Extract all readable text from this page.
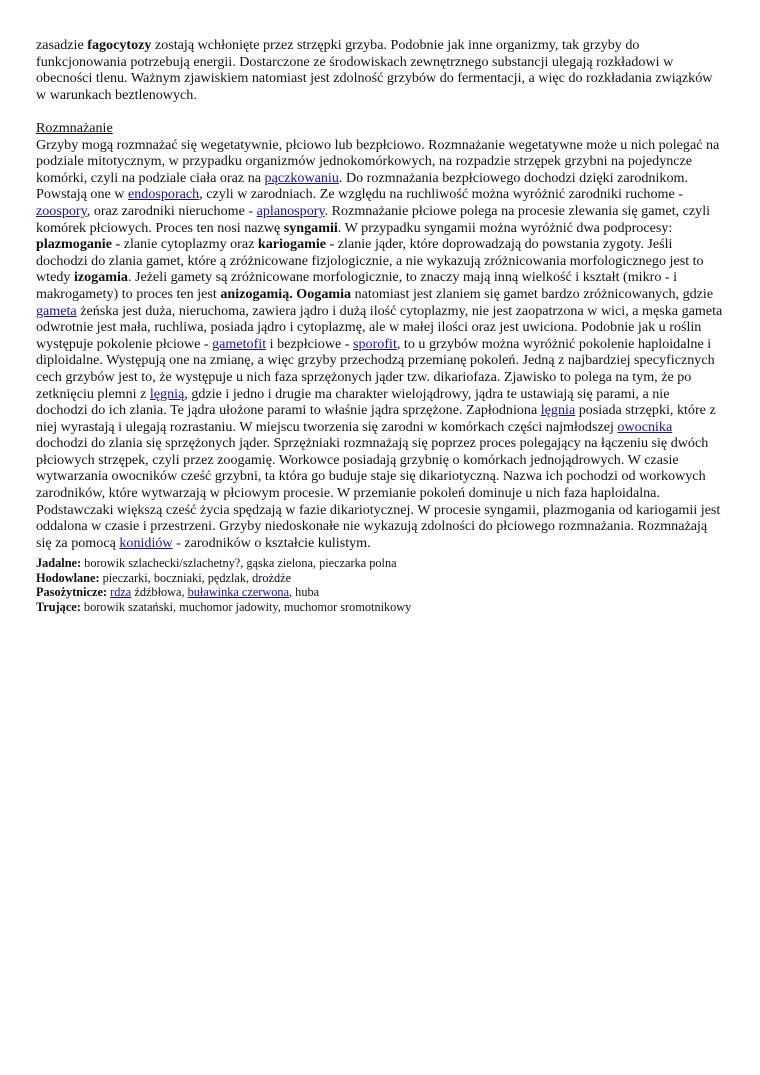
zasadzie fagocytozy zostają wchłonięte przez strzępki grzyba. Podobnie jak inne organizmy, tak grzyby do funkcjonowania potrzebują energii. Dostarczone ze środowiskach zewnętrznego substancji ulegają rozkładowi w obecności tlenu. Ważnym zjawiskiem natomiast jest zdolność grzybów do fermentacji, a więc do rozkładania związków w warunkach beztlenowych.
Rozmnażanie
Grzyby mogą rozmnażać się wegetatywnie, płciowo lub bezpłciowo. Rozmnażanie wegetatywne może u nich polegać na podziale mitotycznym, w przypadku organizmów jednokomórkowych, na rozpadzie strzępek grzybni na pojedyncze komórki, czyli na podziale ciała oraz na pączkowaniu. Do rozmnażania bezpłciowego dochodzi dzięki zarodnikom. Powstają one w endosporach, czyli w zarodniach. Ze względu na ruchliwość można wyróżnić zarodniki ruchome - zoospory, oraz zarodniki nieruchome - aplanospory. Rozmnażanie płciowe polega na procesie zlewania się gamet, czyli komórek płciowych. Proces ten nosi nazwę syngamii. W przypadku syngamii można wyróżnić dwa podprocesy: plazmoganie - zlanie cytoplazmy oraz kariogamie - zlanie jąder, które doprowadzają do powstania zygoty. Jeśli dochodzi do zlania gamet, które ą zróżnicowane fizjologicznie, a nie wykazują zróżnicowania morfologicznego jest to wtedy izogamia. Jeżeli gamety są zróżnicowane morfologicznie, to znaczy mają inną wielkość i kształt (mikro - i makrogamety) to proces ten jest anizogamią. Oogamia natomiast jest zlaniem się gamet bardzo zróżnicowanych, gdzie gameta żeńska jest duża, nieruchoma, zawiera jądro i dużą ilość cytoplazmy, nie jest zaopatrzona w wici, a męska gameta odwrotnie jest mała, ruchliwa, posiada jądro i cytoplazmę, ale w małej ilości oraz jest uwiciona. Podobnie jak u roślin występuje pokolenie płciowe - gametofit i bezpłciowe - sporofit, to u grzybów można wyróżnić pokolenie haploidalne i diploidalne. Występują one na zmianę, a więc grzyby przechodzą przemianę pokoleń. Jedną z najbardziej specyficznych cech grzybów jest to, że występuje u nich faza sprzężonych jąder tzw. dikariofaza. Zjawisko to polega na tym, że po zetknięciu plemni z lęgnią, gdzie i jedno i drugie ma charakter wielojądrowy, jądra te ustawiają się parami, a nie dochodzi do ich zlania. Te jądra ułożone parami to właśnie jądra sprzężone. Zapłodniona lęgnia posiada strzępki, które z niej wyrastają i ulegają rozrastaniu. W miejscu tworzenia się zarodni w komórkach części najmłodszej owocnika dochodzi do zlania się sprzężonych jąder. Sprzężniaki rozmnażają się poprzez proces polegający na łączeniu się dwóch płciowych strzępek, czyli przez zoogamię. Workowce posiadają grzybnię o komórkach jednojądrowych. W czasie wytwarzania owocników cześć grzybni, ta która go buduje staje się dikariotyczną. Nazwa ich pochodzi od workowych zarodników, które wytwarzają w płciowym procesie. W przemianie pokoleń dominuje u nich faza haploidalna. Podstawczaki większą cześć życia spędzają w fazie dikariotycznej. W procesie syngamii, plazmogania od kariogamii jest oddalona w czasie i przestrzeni. Grzyby niedoskonałe nie wykazują zdolności do płciowego rozmnażania. Rozmnażają się za pomocą konidiów - zarodników o kształcie kulistym.
Jadalne: borowik szlachecki/szlachetny?, gąska zielona, pieczarka polna
Hodowlane: pieczarki, boczniaki, pędzlak, drożdże
Pasożytnicze: rdza źdźbłowa, buławinka czerwona, huba
Trujące: borowik szatański, muchomor jadowity, muchomor sromotnikowy
